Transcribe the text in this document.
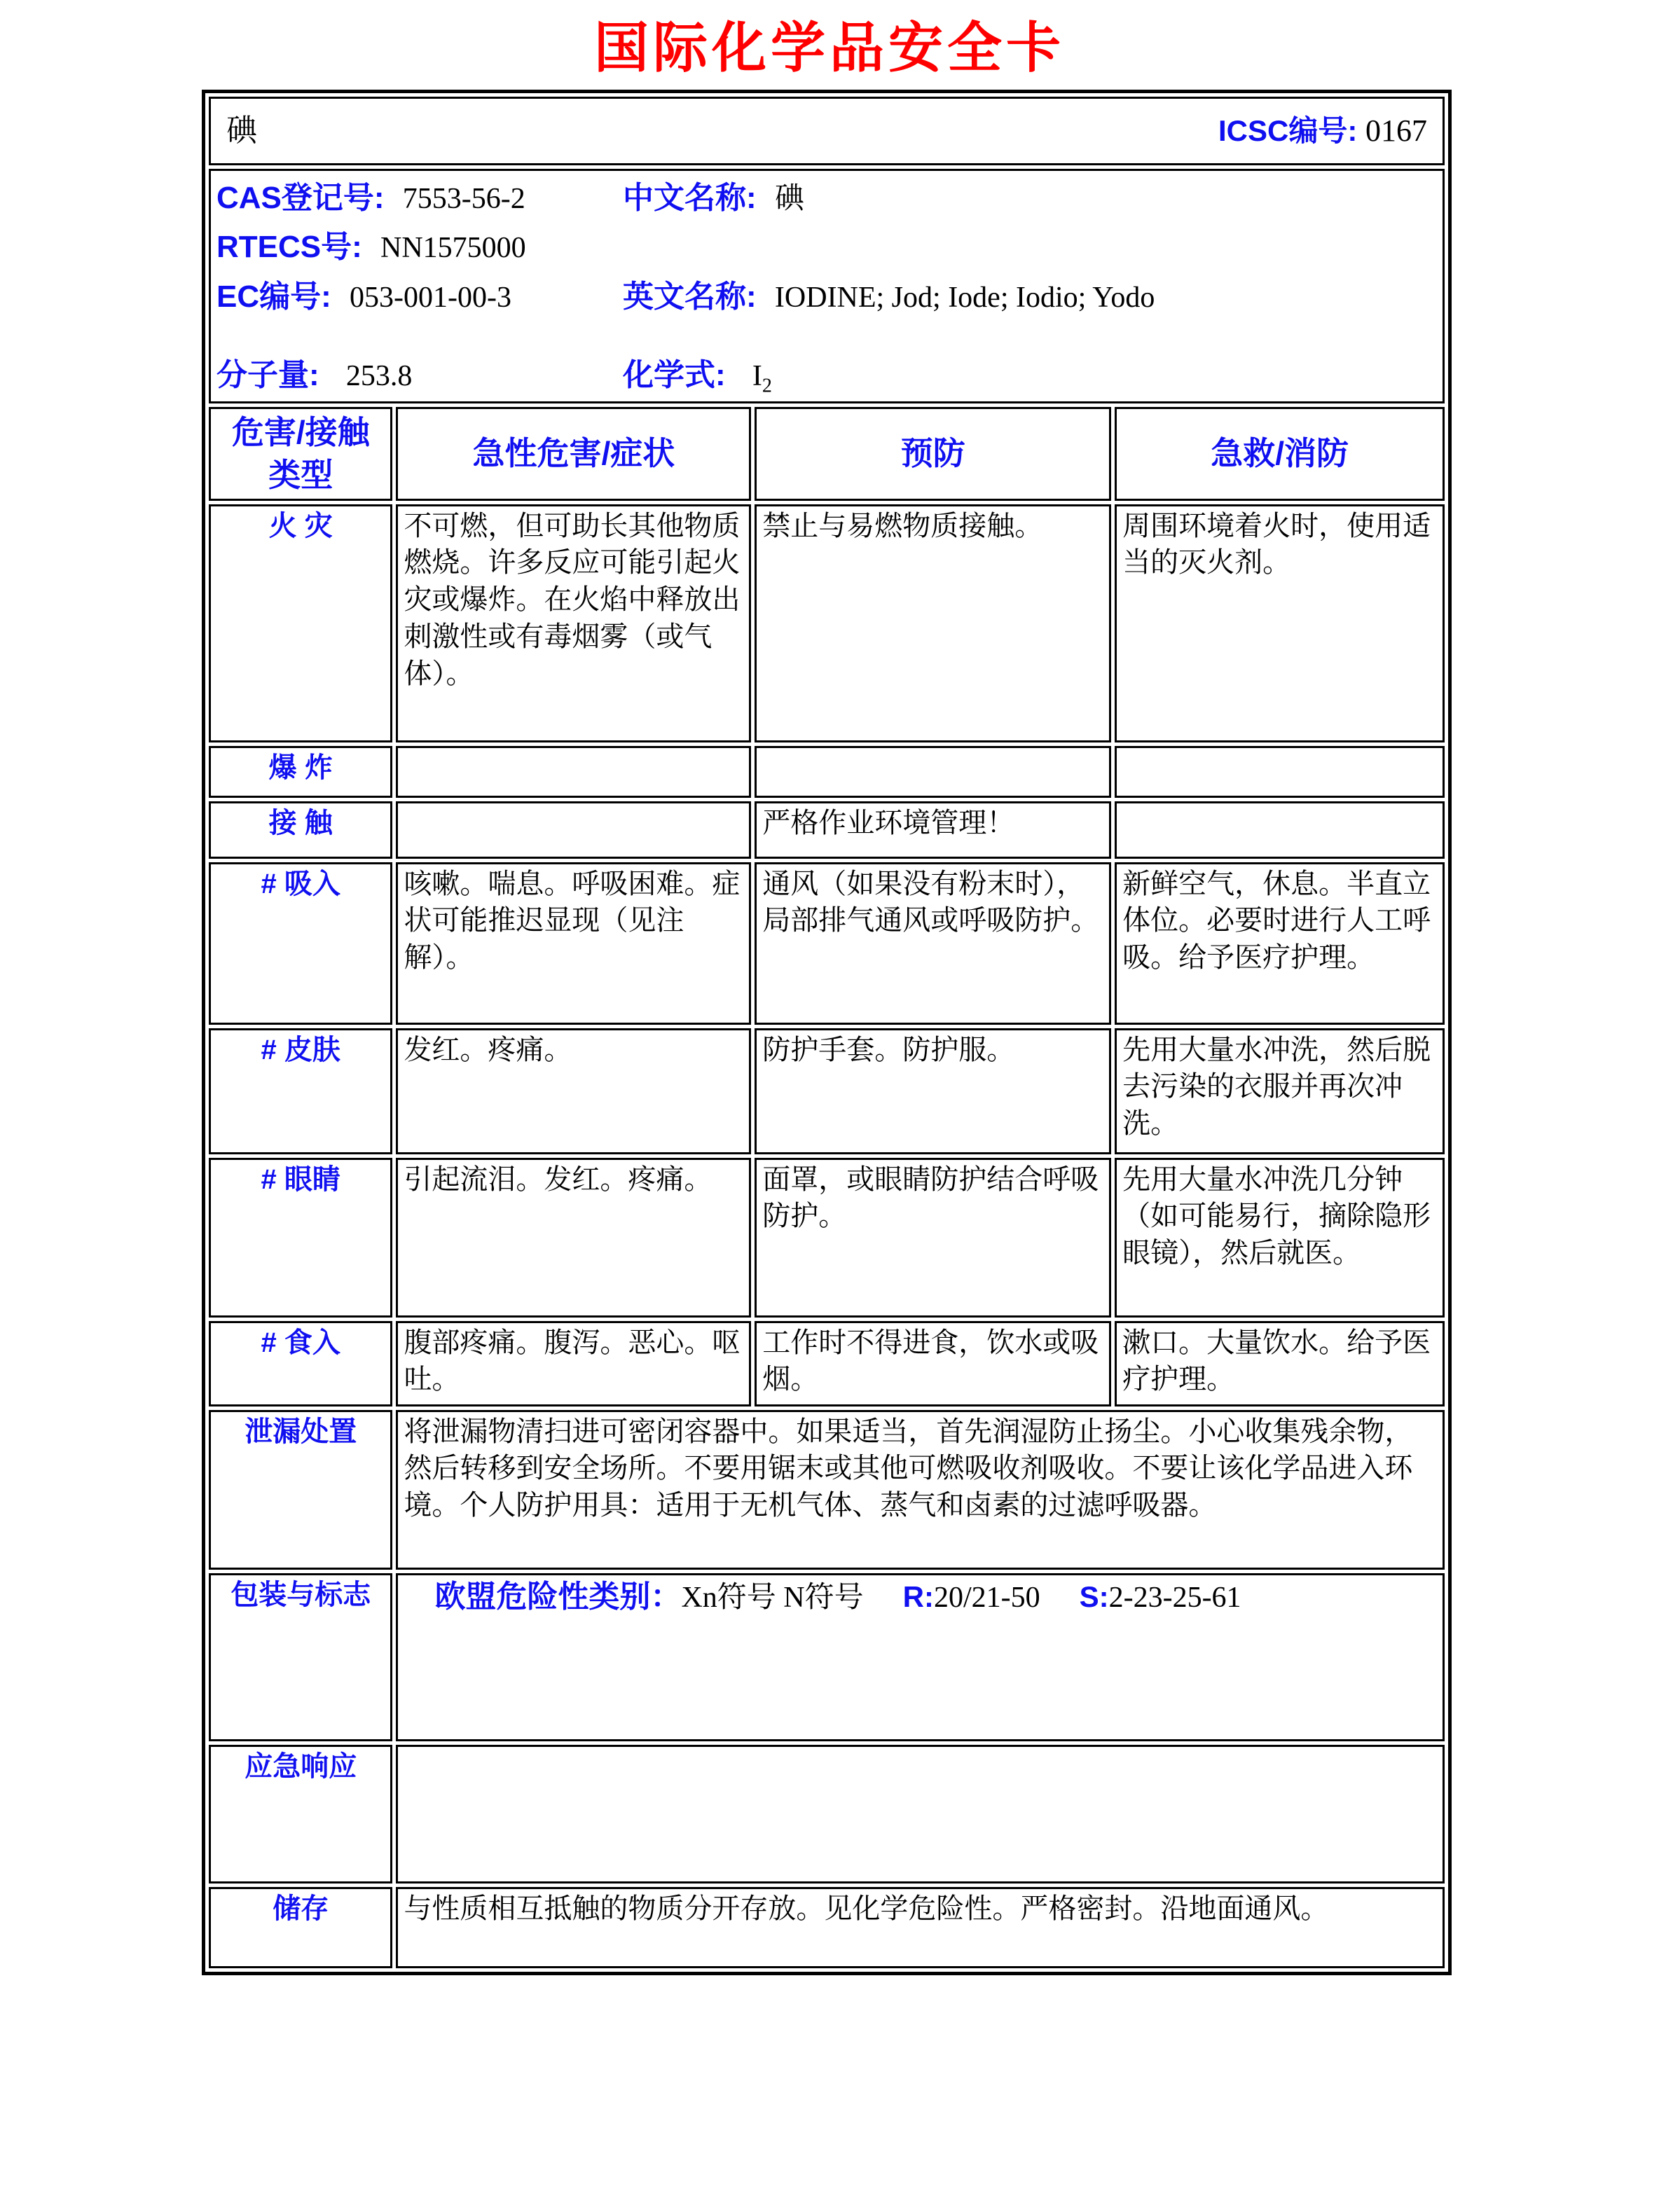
国际化学品安全卡
碘 ICSC编号: 0167			

CAS登记号: 7553-56-2	中文名称: 碘
RTECS号: NN1575000
EC编号: 053-001-00-3	英文名称: IODINE; Jod; Iode; Iodio; Yodo
分子量: 253.8	化学式: $I_2$

危害/接触
类型	急性危害/症状	预防	急救/消防
火 灾	不可燃，但可助长其他物质燃烧。许多反应可能引起火灾或爆炸。在火焰中释放出刺激性或有毒烟雾（或气体）。	禁止与易燃物质接触。	周围环境着火时，使用适当的灭火剂。
爆 炸			
接 触		严格作业环境管理！	
# 吸入	咳嗽。喘息。呼吸困难。症状可能推迟显现（见注解）。	通风（如果没有粉末时），局部排气通风或呼吸防护。	新鲜空气，休息。半直立体位。必要时进行人工呼吸。给予医疗护理。
# 皮肤	发红。疼痛。	防护手套。防护服。	先用大量水冲洗，然后脱去污染的衣服并再次冲洗。
# 眼睛	引起流泪。发红。疼痛。	面罩，或眼睛防护结合呼吸防护。	先用大量水冲洗几分钟（如可能易行，摘除隐形眼镜），然后就医。
# 食入	腹部疼痛。腹泻。恶心。呕吐。	工作时不得进食，饮水或吸烟。	漱口。大量饮水。给予医疗护理。
泄漏处置	将泄漏物清扫进可密闭容器中。如果适当，首先润湿防止扬尘。小心收集残余物，然后转移到安全场所。不要用锯末或其他可燃吸收剂吸收。不要让该化学品进入环境。个人防护用具：适用于无机气体、蒸气和卤素的过滤呼吸器。		
包装与标志	欧盟危险性类别：Xn符号 N符号 R:20/21-50 S:2-23-25-61		

应急响应			
储存	与性质相互抵触的物质分开存放。见化学危险性。严格密封。沿地面通风。		
